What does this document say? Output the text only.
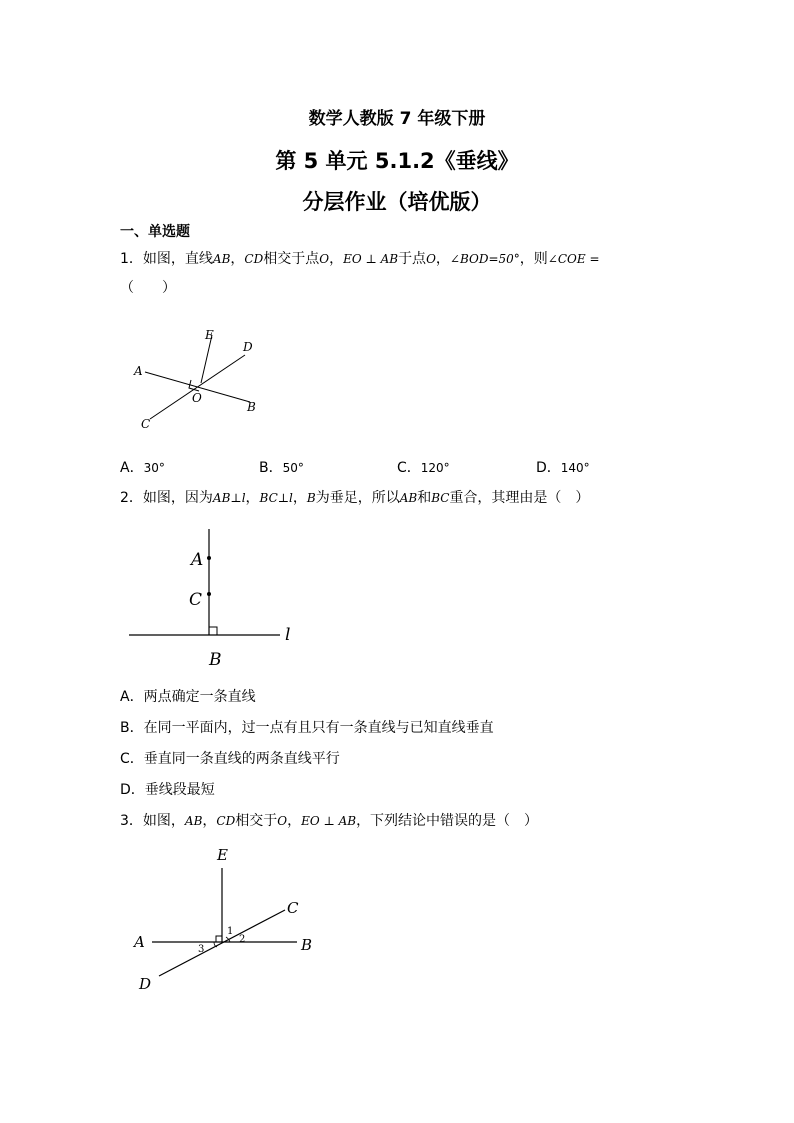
数学人教版 7 年级下册
第 5 单元 5.1.2《垂线》
分层作业（培优版）
一、单选题
1．如图，直线AB，CD相交于点O，EO ⊥ AB于点O，∠BOD=50°，则∠COE =
（　　）
E
D
A
O
B
C
A．30°	B．50°	C．120°	D．140°
2．如图，因为AB⊥l，BC⊥l，B为垂足，所以AB和BC重合，其理由是（　）
A
C
B
l
A．两点确定一条直线
B．在同一平面内，过一点有且只有一条直线与已知直线垂直
C．垂直同一条直线的两条直线平行
D．垂线段最短
3．如图，AB，CD相交于O，EO ⊥ AB，下列结论中错误的是（　）
E
C
A	B
D
1
2
3
